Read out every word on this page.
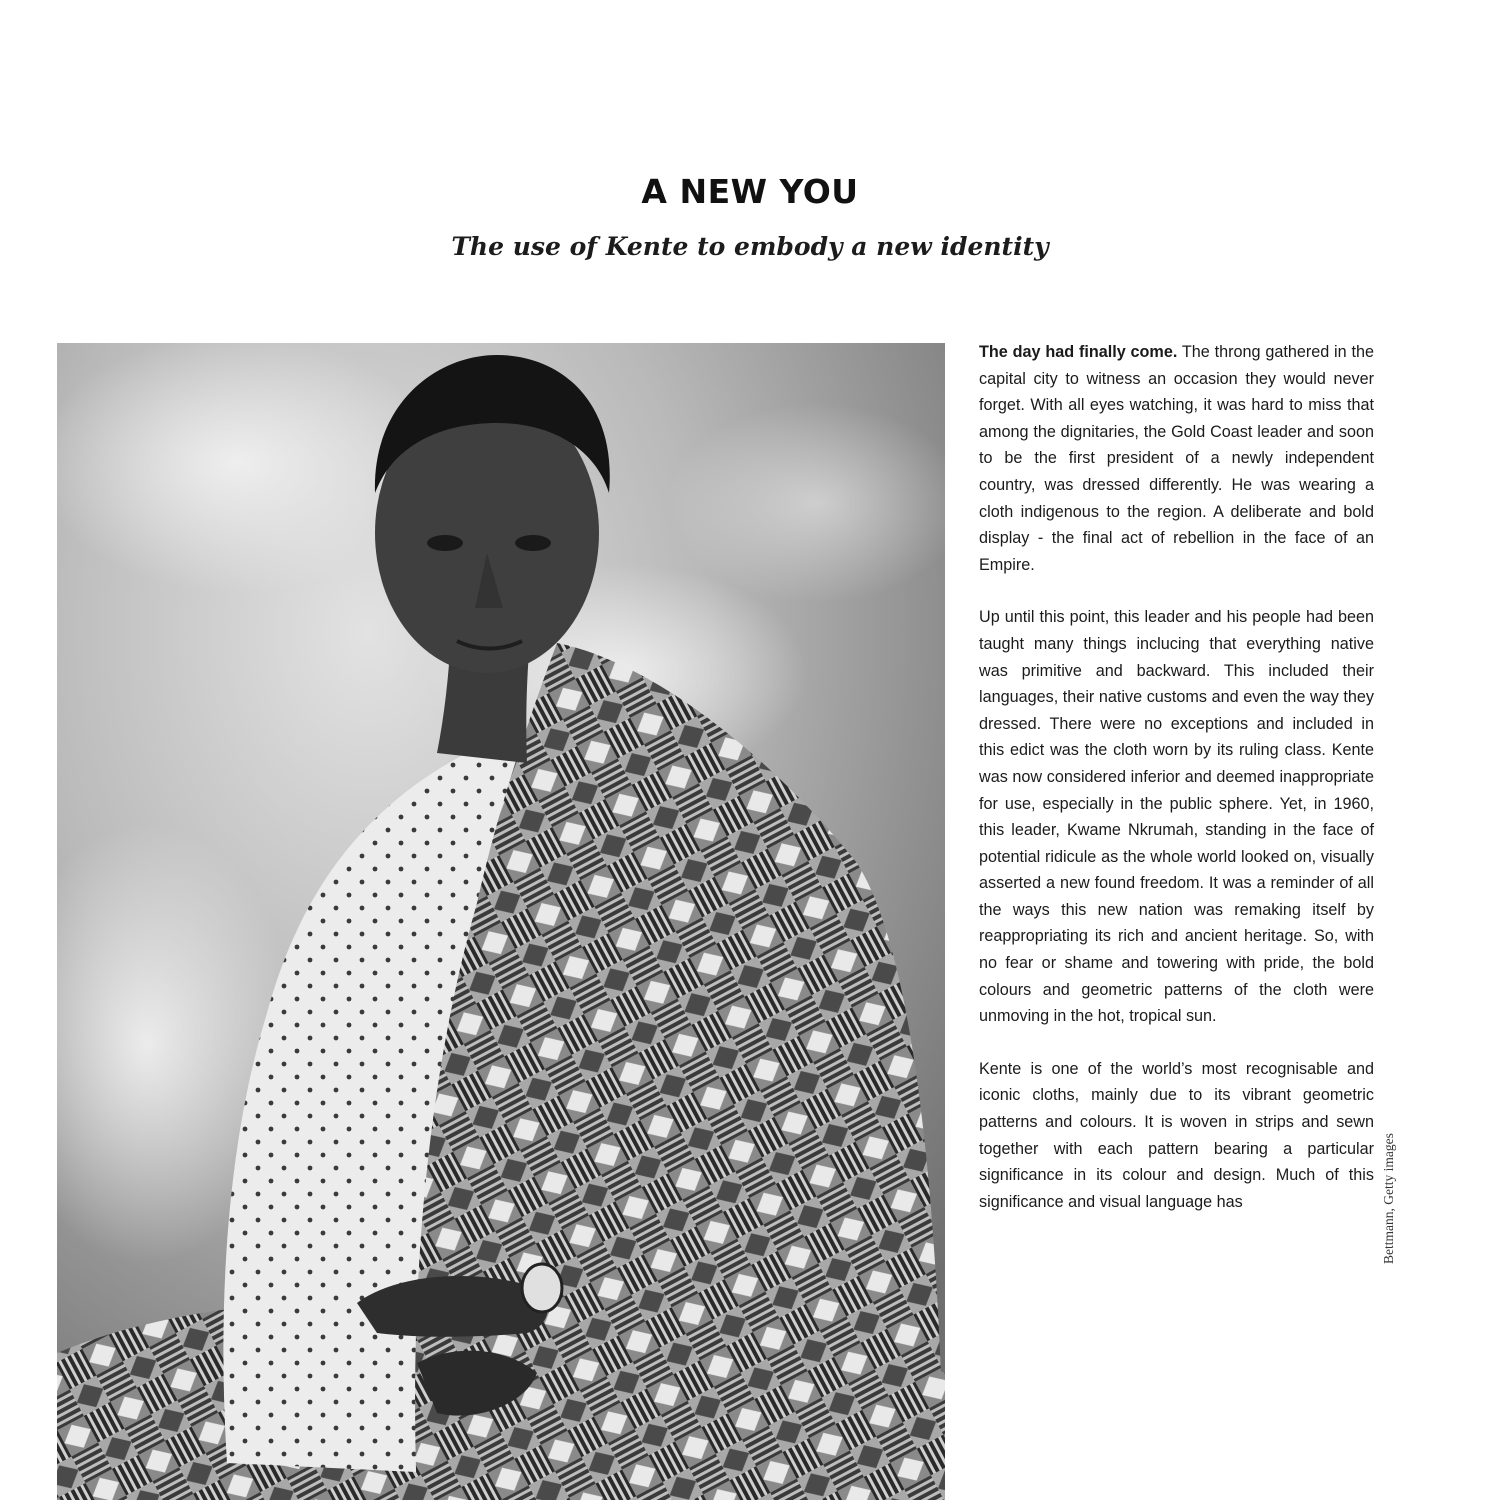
A NEW YOU
The use of Kente to embody a new identity

The day had finally come. The throng gathered in the capital city to witness an occasion they would never forget. With all eyes watching, it was hard to miss that among the dignitaries, the Gold Coast leader and soon to be the first president of a newly independent country, was dressed differently. He was wearing a cloth indigenous to the region. A deliberate and bold display - the final act of rebellion in the face of an Empire.

Up until this point, this leader and his people had been taught many things inclucing that everything native was primitive and backward. This included their languages, their native customs and even the way they dressed. There were no exceptions and included in this edict was the cloth worn by its ruling class. Kente was now considered inferior and deemed inappropriate for use, especially in the public sphere. Yet, in 1960, this leader, Kwame Nkrumah, standing in the face of potential ridicule as the whole world looked on, visually asserted a new found freedom. It was a reminder of all the ways this new nation was remaking itself by reappropriating its rich and ancient heritage. So, with no fear or shame and towering with pride, the bold colours and geometric patterns of the cloth were unmoving in the hot, tropical sun.

Kente is one of the world’s most recognisable and iconic cloths, mainly due to its vibrant geometric patterns and colours. It is woven in strips and sewn together with each pattern bearing a particular significance in its colour and design. Much of this significance and visual language has	Bettmann, Getty images
